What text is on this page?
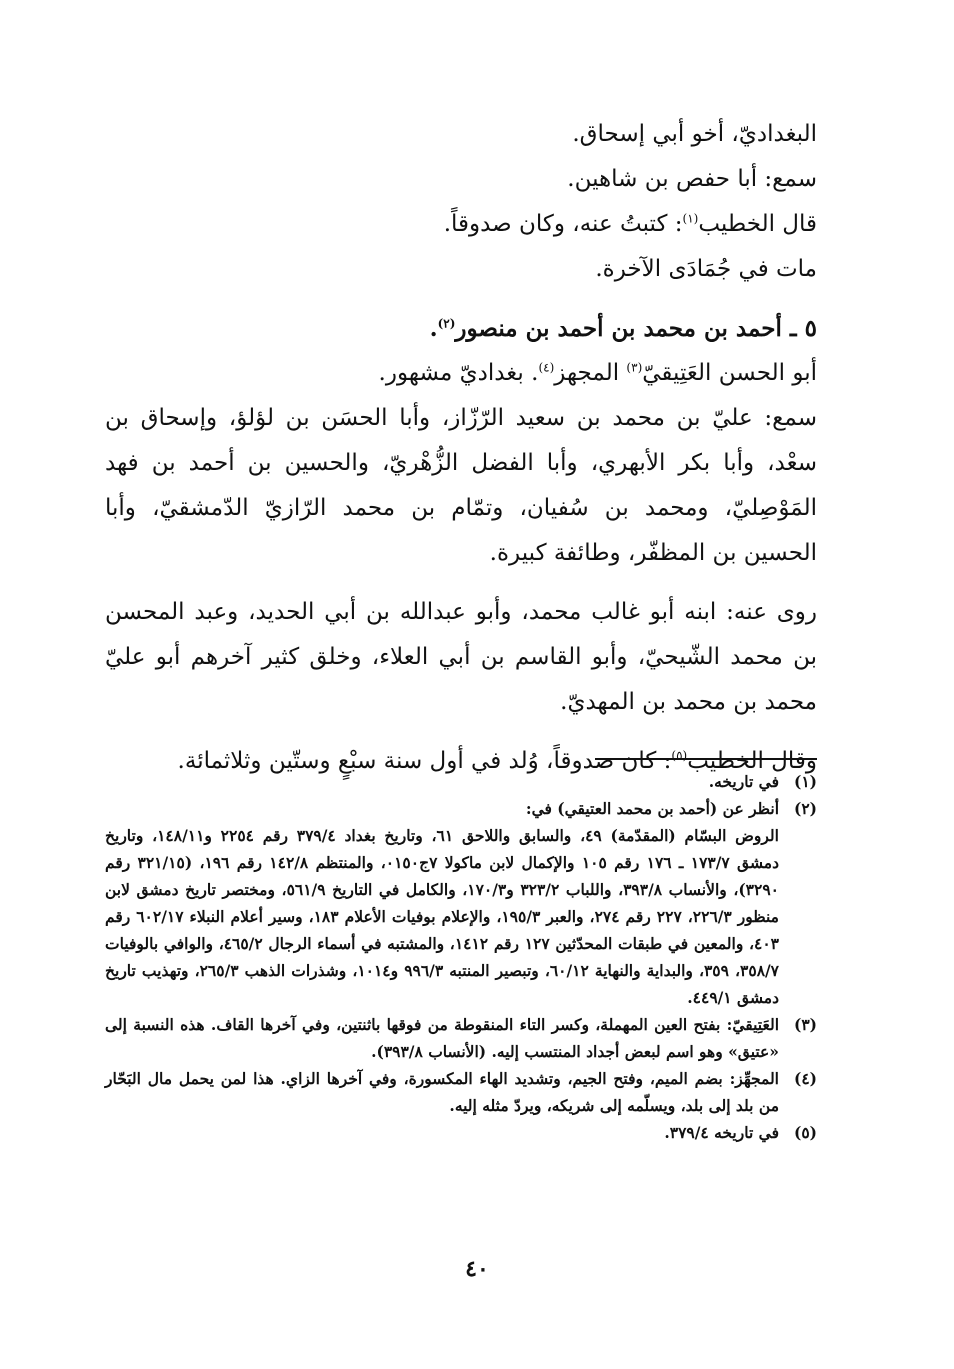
البغداديّ، أخو أبي إسحاق.

سمع: أبا حفص بن شاهين.

قال الخطيب$^{(١)}$: كتبتُ عنه، وكان صدوقاً.

مات في جُمَادَى الآخرة.

٥ ـ أحمد بن محمد بن أحمد بن منصور$^{(٢)}$.

أبو الحسن العَتِيقيّ$^{(٣)}$ المجهز$^{(٤)}$. بغداديّ مشهور.

سمع: عليّ بن محمد بن سعيد الرّزّاز، وأبا الحسَن بن لؤلؤ، وإسحاق بن سعْد، وأبا بكر الأبهري، وأبا الفضل الزُّهْريّ، والحسين بن أحمد بن فهد المَوْصِليّ، ومحمد بن سُفيان، وتمّام بن محمد الرّازيّ الدّمشقيّ، وأبا الحسين بن المظفّر، وطائفة كبيرة.

روى عنه: ابنه أبو غالب محمد، وأبو عبدالله بن أبي الحديد، وعبد المحسن بن محمد الشّيحيّ، وأبو القاسم بن أبي العلاء، وخلق كثير آخرهم أبو عليّ محمد بن محمد بن المهديّ.

وقال الخطيب$^{(٥)}$: كان صدوقاً، وُلد في أول سنة سبْعٍ وستّين وثلاثمائة.

(١)

في تاريخه.

(٢)

أنظر عن (أحمد بن محمد العتيقي) في:

الروض البسّام (المقدّمة) ٤٩، والسابق واللاحق ٦١، وتاريخ بغداد ٣٧٩/٤ رقم ٢٢٥٤ و١٤٨/١١، وتاريخ دمشق ١٧٣/٧ ـ ١٧٦ رقم ١٠٥ والإكمال لابن ماكولا ٧ج٠١٥٠، والمنتظم ١٤٢/٨ رقم ١٩٦، (٣٢١/١٥ رقم ٣٢٩٠)، والأنساب ٣٩٣/٨، واللباب ٣٢٣/٢ و١٧٠/٣، والكامل في التاريخ ٥٦١/٩، ومختصر تاريخ دمشق لابن منظور ٢٢٦/٣، ٢٢٧ رقم ٢٧٤، والعبر ١٩٥/٣، والإعلام بوفيات الأعلام ١٨٣، وسير أعلام النبلاء ٦٠٢/١٧ رقم ٤٠٣، والمعين في طبقات المحدّثين ١٢٧ رقم ١٤١٢، والمشتبه في أسماء الرجال ٤٦٥/٢، والوافي بالوفيات ٣٥٨/٧، ٣٥٩، والبداية والنهاية ٦٠/١٢، وتبصير المنتبه ٩٩٦/٣ و١٠١٤، وشذرات الذهب ٢٦٥/٣، وتهذيب تاريخ دمشق ٤٤٩/١.

(٣)

العَتِيقيّ: بفتح العين المهملة، وكسر التاء المنقوطة من فوقها باثنتين، وفي آخرها القاف. هذه النسبة إلى «عتيق» وهو اسم لبعض أجداد المنتسب إليه. (الأنساب ٣٩٣/٨).

(٤)

المجهِّز: بضم الميم، وفتح الجيم، وتشديد الهاء المكسورة، وفي آخرها الزاي. هذا لمن يحمل مال البَحّار من بلد إلى بلد، ويسلّمه إلى شريكه، ويردّ مثله إليه.

(٥)

في تاريخه ٣٧٩/٤.

٤٠
